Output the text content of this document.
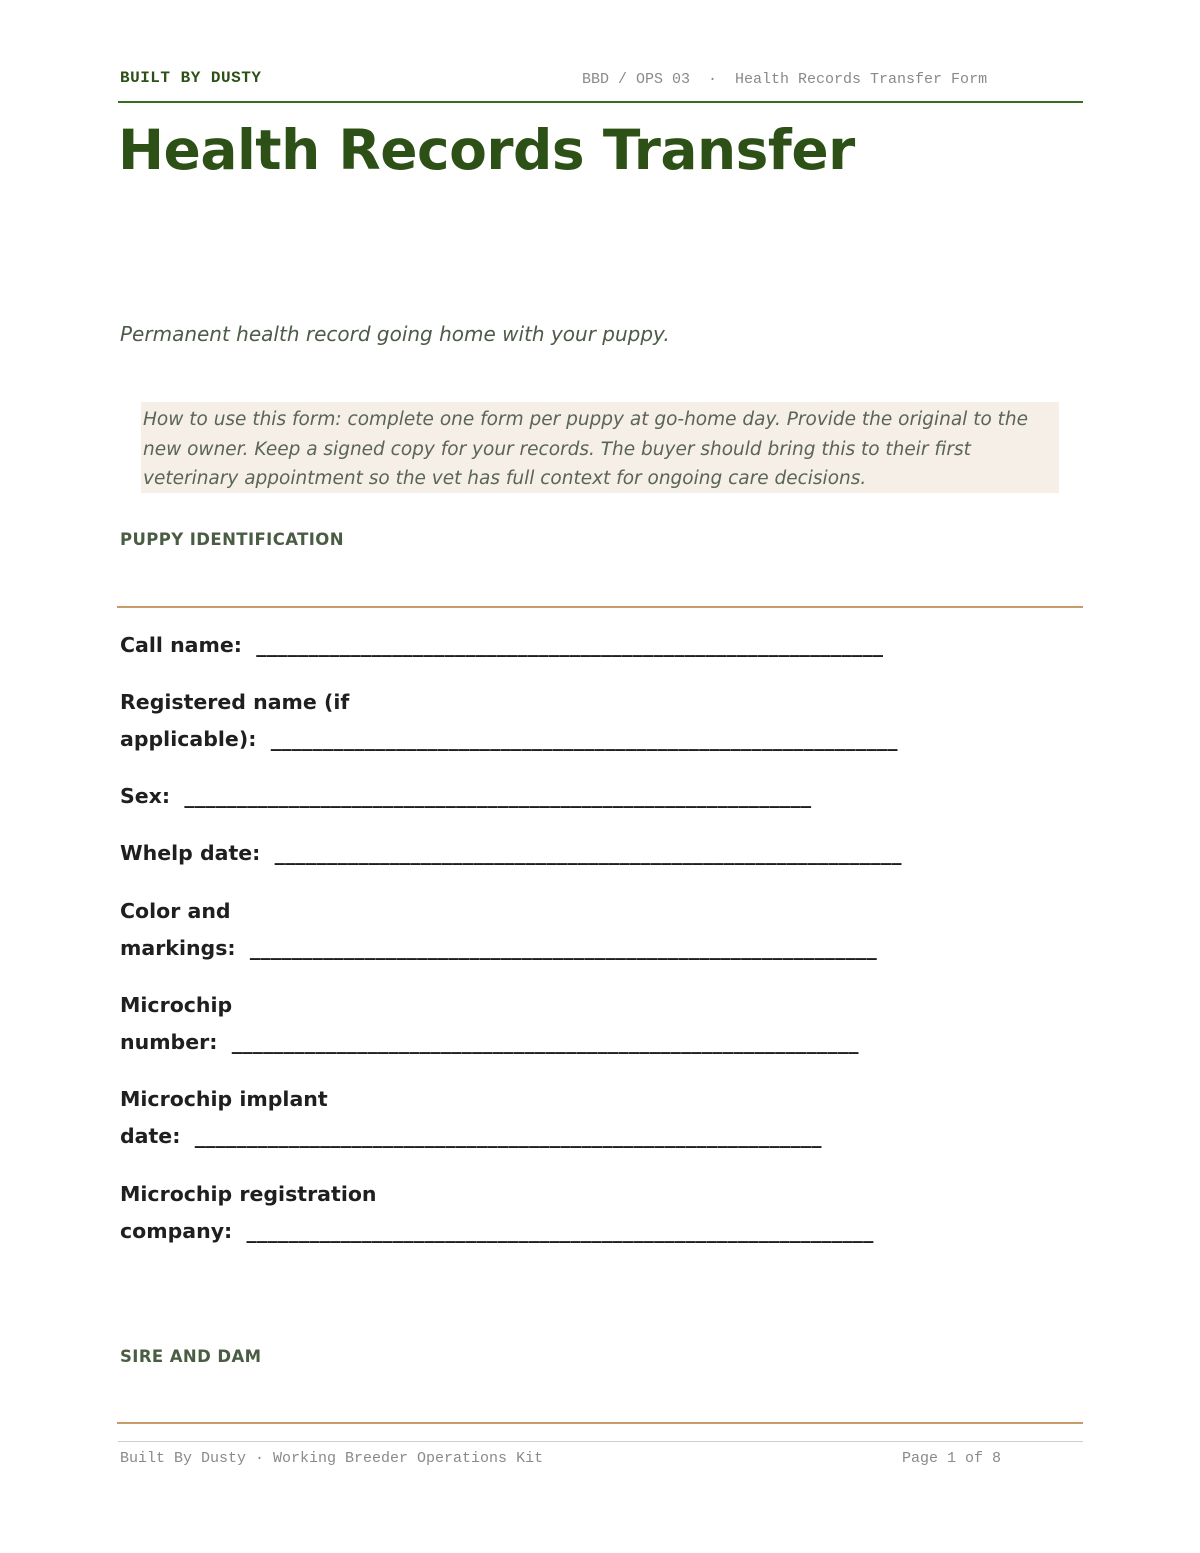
BUILT BY DUSTY	BBD / OPS 03  ·  Health Records Transfer Form
Health Records Transfer
Permanent health record going home with your puppy.
How to use this form: complete one form per puppy at go-home day. Provide the original to the new owner. Keep a signed copy for your records. The buyer should bring this to their first veterinary appointment so the vet has full context for ongoing care decisions.
PUPPY IDENTIFICATION
Call name: ____________________________________________________________
Registered name (if
applicable): ____________________________________________________________
Sex: ____________________________________________________________
Whelp date: ____________________________________________________________
Color and
markings: ____________________________________________________________
Microchip
number: ____________________________________________________________
Microchip implant
date: ____________________________________________________________
Microchip registration
company: ____________________________________________________________
SIRE AND DAM
Built By Dusty · Working Breeder Operations Kit	Page 1 of 8
